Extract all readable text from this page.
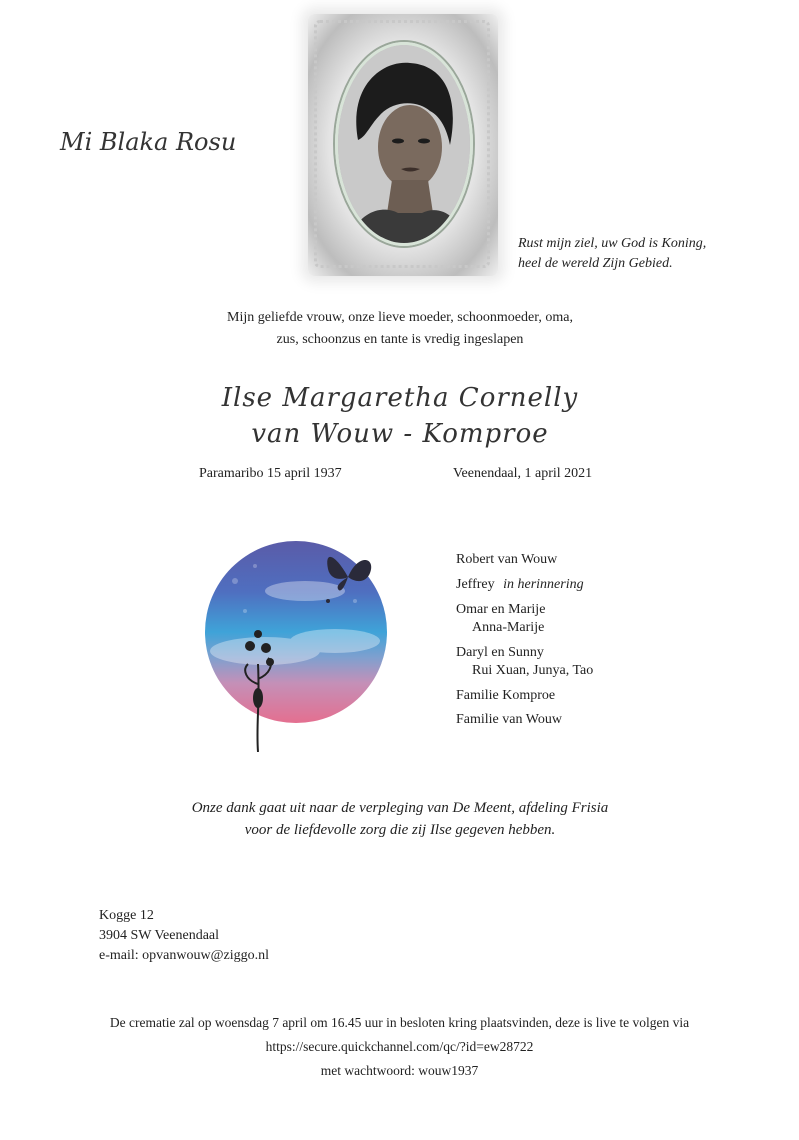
Mi Blaka Rosu
Rust mijn ziel, uw God is Koning,
heel de wereld Zijn Gebied.
Mijn geliefde vrouw, onze lieve moeder, schoonmoeder, oma,
zus, schoonzus en tante is vredig ingeslapen
Ilse Margaretha Cornelly
van Wouw - Komproe
Paramaribo 15 april 1937	Veenendaal, 1 april 2021
Robert van Wouw
Jeffrey in herinnering
Omar en Marije
Anna-Marije
Daryl en Sunny
Rui Xuan, Junya, Tao
Familie Komproe
Familie van Wouw
Onze dank gaat uit naar de verpleging van De Meent, afdeling Frisia
voor de liefdevolle zorg die zij Ilse gegeven hebben.
Kogge 12
3904 SW Veenendaal
e-mail: opvanwouw@ziggo.nl
De crematie zal op woensdag 7 april om 16.45 uur in besloten kring plaatsvinden, deze is live te volgen via
https://secure.quickchannel.com/qc/?id=ew28722
met wachtwoord: wouw1937
